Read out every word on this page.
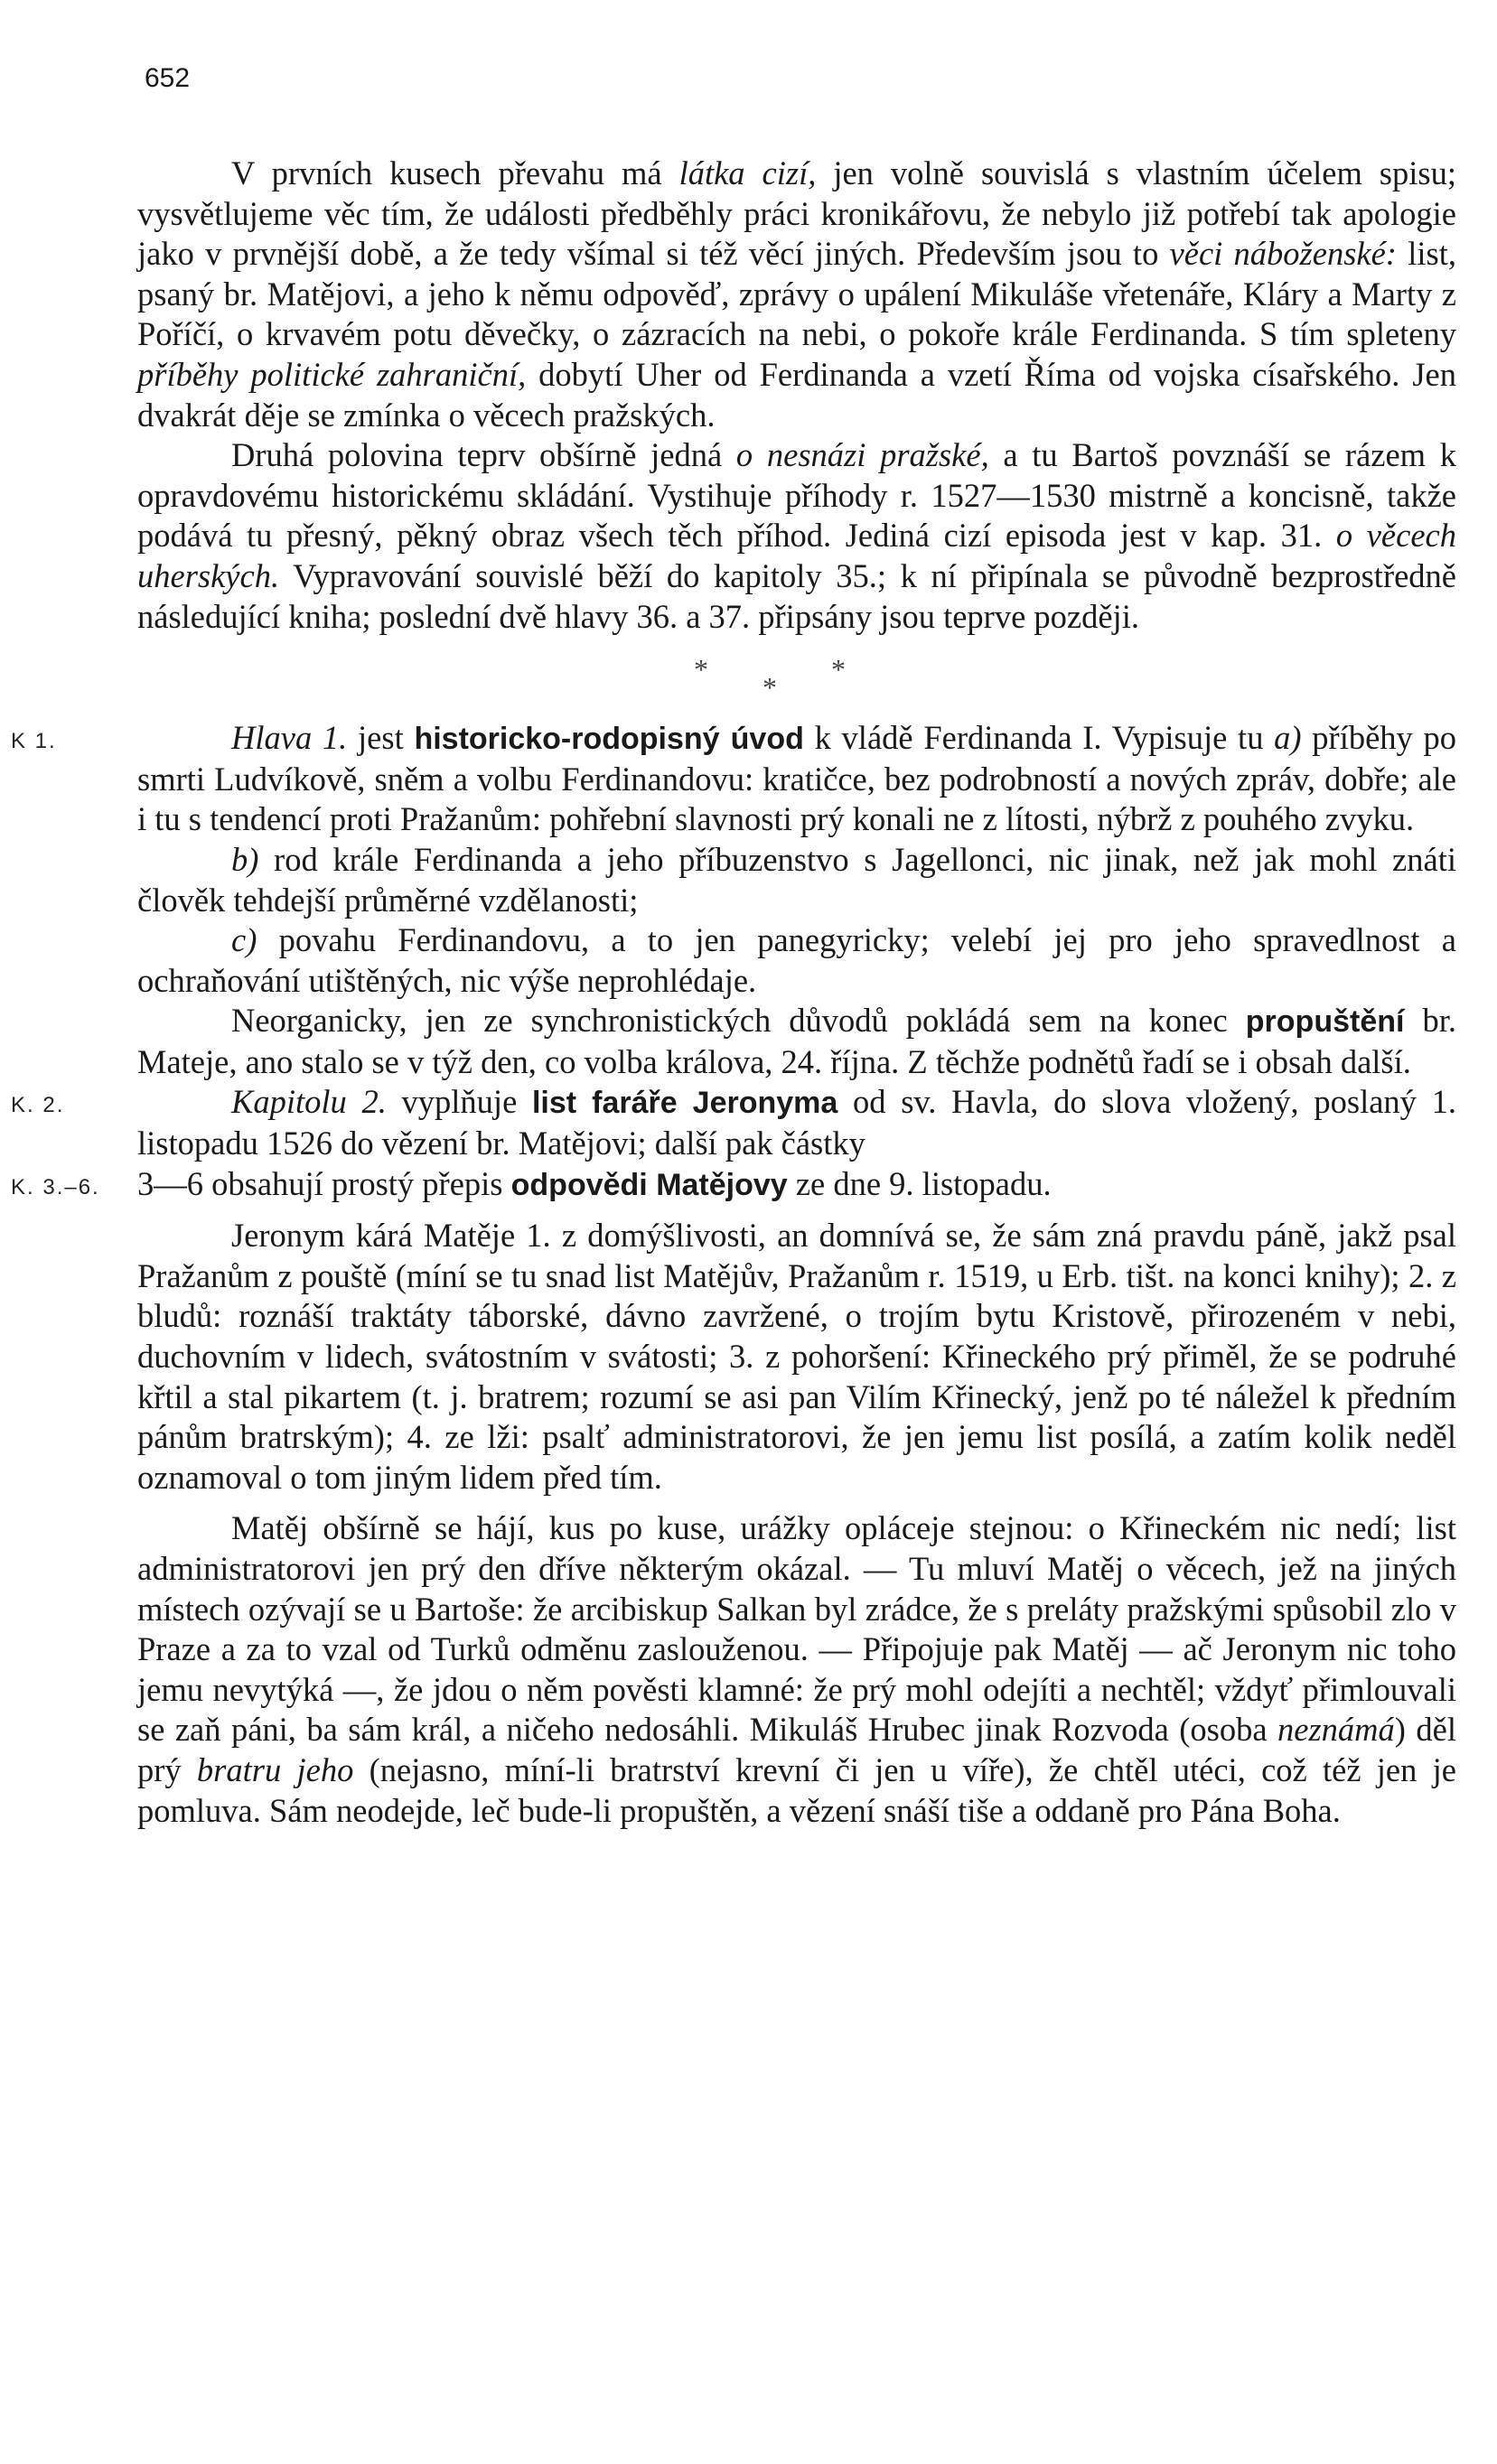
652

V prvních kusech převahu má látka cizí, jen volně souvislá s vlastním účelem spisu; vysvětlujeme věc tím, že události předběhly práci kronikářovu, že nebylo již potřebí tak apologie jako v prvnější době, a že tedy všímal si též věcí jiných. Především jsou to věci náboženské: list, psaný br. Matějovi, a jeho k němu odpověď, zprávy o upálení Mikuláše vřetenáře, Kláry a Marty z Poříčí, o krvavém potu děvečky, o zázracích na nebi, o pokoře krále Ferdinanda. S tím spleteny příběhy politické zahraniční, dobytí Uher od Ferdinanda a vzetí Říma od vojska císařského. Jen dvakrát děje se zmínka o věcech pražských.

Druhá polovina teprv obšírně jedná o nesnázi pražské, a tu Bartoš povznáší se rázem k opravdovému historickému skládání. Vystihuje příhody r. 1527—1530 mistrně a koncisně, takže podává tu přesný, pěkný obraz všech těch příhod. Jediná cizí episoda jest v kap. 31. o věcech uherských. Vypravování souvislé běží do kapitoly 35.; k ní připínala se původně bezprostředně následující kniha; poslední dvě hlavy 36. a 37. připsány jsou teprve později.

***

K 1.	Hlava 1. jest historicko-rodopisný úvod k vládě Ferdinanda I. Vypisuje tu a) příběhy po smrti Ludvíkově, sněm a volbu Ferdinandovu: kratičce, bez podrobností a nových zpráv, dobře; ale i tu s tendencí proti Pražanům: pohřební slavnosti prý konali ne z lítosti, nýbrž z pouhého zvyku.

b) rod krále Ferdinanda a jeho příbuzenstvo s Jagellonci, nic jinak, než jak mohl znáti člověk tehdejší průměrné vzdělanosti;

c) povahu Ferdinandovu, a to jen panegyricky; velebí jej pro jeho spravedlnost a ochraňování utištěných, nic výše neprohlédaje.

Neorganicky, jen ze synchronistických důvodů pokládá sem na konec propuštění br. Mateje, ano stalo se v týž den, co volba králova, 24. října. Z těchže podnětů řadí se i obsah další.

K. 2.	Kapitolu 2. vyplňuje list faráře Jeronyma od sv. Havla, do slova vložený, poslaný 1. listopadu 1526 do vězení br. Matějovi; další pak částky

K. 3.–6.	3—6 obsahují prostý přepis odpovědi Matějovy ze dne 9. listopadu.

Jeronym kárá Matěje 1. z domýšlivosti, an domnívá se, že sám zná pravdu páně, jakž psal Pražanům z pouště (míní se tu snad list Matějův, Pražanům r. 1519, u Erb. tišt. na konci knihy); 2. z bludů: roznáší traktáty táborské, dávno zavržené, o trojím bytu Kristově, přirozeném v nebi, duchovním v lidech, svátostním v svátosti; 3. z pohoršení: Křineckého prý přiměl, že se podruhé křtil a stal pikartem (t. j. bratrem; rozumí se asi pan Vilím Křinecký, jenž po té náležel k předním pánům bratrským); 4. ze lži: psalť administratorovi, že jen jemu list posílá, a zatím kolik neděl oznamoval o tom jiným lidem před tím.

Matěj obšírně se hájí, kus po kuse, urážky opláceje stejnou: o Křineckém nic nedí; list administratorovi jen prý den dříve některým okázal. — Tu mluví Matěj o věcech, jež na jiných místech ozývají se u Bartoše: že arcibiskup Salkan byl zrádce, že s preláty pražskými spůsobil zlo v Praze a za to vzal od Turků odměnu zaslouženou. — Připojuje pak Matěj — ač Jeronym nic toho jemu nevytýká —, že jdou o něm pověsti klamné: že prý mohl odejíti a nechtěl; vždyť přimlouvali se zaň páni, ba sám král, a ničeho nedosáhli. Mikuláš Hrubec jinak Rozvoda (osoba neznámá) děl prý bratru jeho (nejasno, míní-li bratrství krevní či jen u víře), že chtěl utéci, což též jen je pomluva. Sám neodejde, leč bude-li propuštěn, a vězení snáší tiše a oddaně pro Pána Boha.
